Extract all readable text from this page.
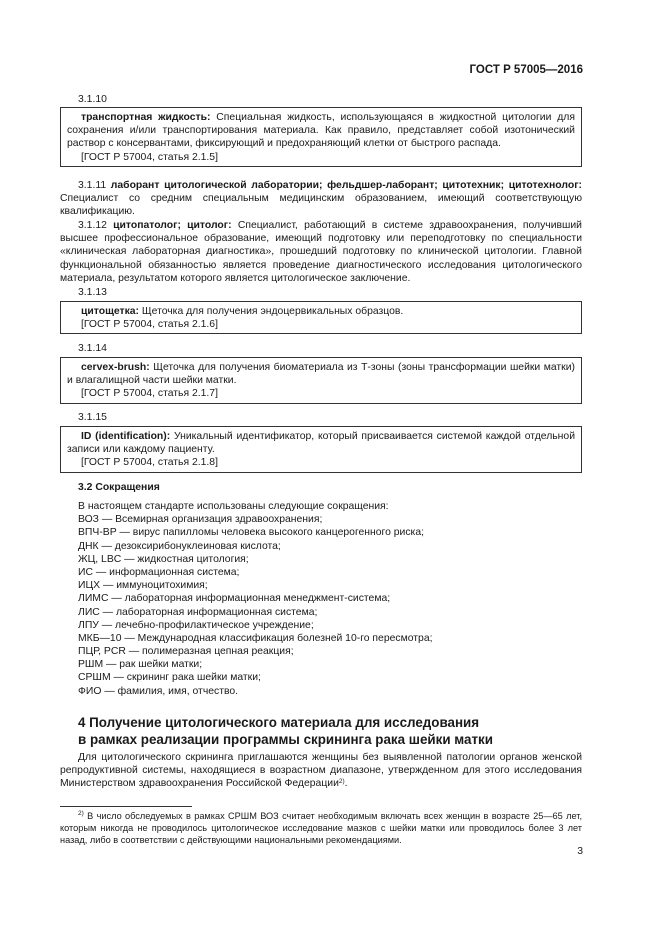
ГОСТ Р 57005—2016
3.1.10

транспортная жидкость: Специальная жидкость, использующаяся в жидкостной цитологии для сохранения и/или транспортирования материала. Как правило, представляет собой изотонический раствор с консервантами, фиксирующий и предохраняющий клетки от быстрого распада.

[ГОСТ Р 57004, статья 2.1.5]

3.1.11 лаборант цитологической лаборатории; фельдшер-лаборант; цитотехник; цитотехнолог: Специалист со средним специальным медицинским образованием, имеющий соответствующую квалификацию.

3.1.12 цитопатолог; цитолог: Специалист, работающий в системе здравоохранения, получивший высшее профессиональное образование, имеющий подготовку или переподготовку по специальности «клиническая лабораторная диагностика», прошедший подготовку по клинической цитологии. Главной функциональной обязанностью является проведение диагностического исследования цитологического материала, результатом которого является цитологическое заключение.

3.1.13

цитощетка: Щеточка для получения эндоцервикальных образцов.

[ГОСТ Р 57004, статья 2.1.6]

3.1.14

cervex-brush: Щеточка для получения биоматериала из Т-зоны (зоны трансформации шейки матки) и влагалищной части шейки матки.

[ГОСТ Р 57004, статья 2.1.7]

3.1.15

ID (identification): Уникальный идентификатор, который присваивается системой каждой отдельной записи или каждому пациенту.

[ГОСТ Р 57004, статья 2.1.8]

3.2 Сокращения
В настоящем стандарте использованы следующие сокращения:
ВОЗ — Всемирная организация здравоохранения;
ВПЧ-ВР — вирус папилломы человека высокого канцерогенного риска;
ДНК — дезоксирибонуклеиновая кислота;
ЖЦ, LBC — жидкостная цитология;
ИС — информационная система;
ИЦХ — иммуноцитохимия;
ЛИМС — лабораторная информационная менеджмент-система;
ЛИС — лабораторная информационная система;
ЛПУ — лечебно-профилактическое учреждение;
МКБ—10 — Международная классификация болезней 10-го пересмотра;
ПЦР, PCR — полимеразная цепная реакция;
РШМ — рак шейки матки;
СРШМ — скрининг рака шейки матки;
ФИО — фамилия, имя, отчество.
4 Получение цитологического материала для исследования
в рамках реализации программы скрининга рака шейки матки

Для цитологического скрининга приглашаются женщины без выявленной патологии органов женской репродуктивной системы, находящиеся в возрастном диапазоне, утвержденном для этого исследования Министерством здравоохранения Российской Федерации$^{2)}$.

$^{2)}$ В число обследуемых в рамках СРШМ ВОЗ считает необходимым включать всех женщин в возрасте 25—65 лет, которым никогда не проводилось цитологическое исследование мазков с шейки матки или проводилось более 3 лет назад, либо в соответствии с действующими национальными рекомендациями.

3
